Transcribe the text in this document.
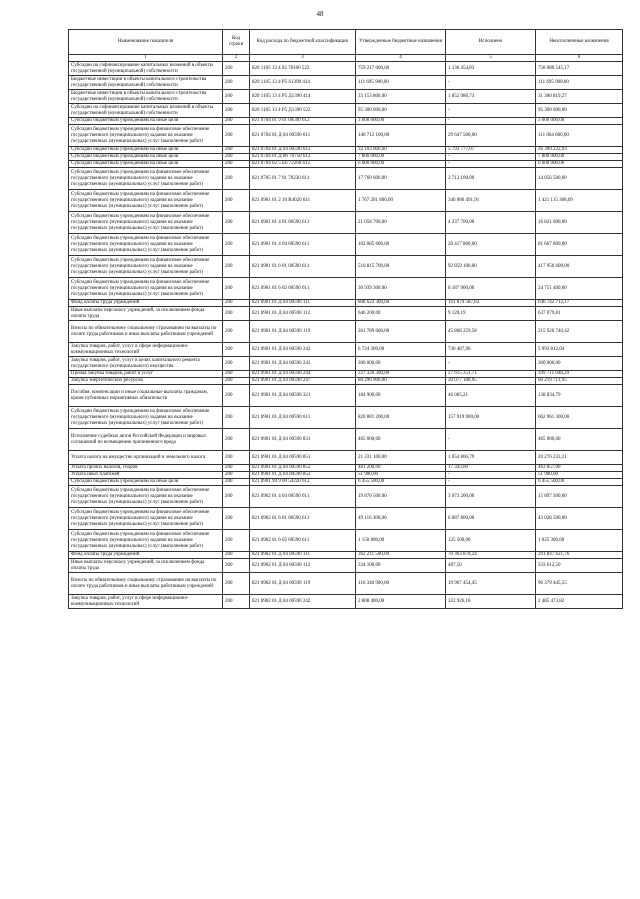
48
Наименование показателя	Код строки	Код расхода по бюджетной классификации	Утвержденные бюджетные назначения	Исполнено	Неисполненные назначения
1	2	3	4	5	6
Субсидии на софинансирование капитальных вложений в объекты государственной (муниципальной) собственности	200	820 1105 13 4 02 78100 522	759 217 000,00	1 136 454,83	758 080 545,17
Бюджетные инвестиции в объекты капитального строительства государственной (муниципальной) собственности	200	820 1105 13 4 P5 S1390 414	111 695 900,00	-	111 695 900,00
Бюджетные инвестиции в объекты капитального строительства государственной (муниципальной) собственности	200	820 1105 13 4 P5 Д1390 414	33 153 800,00	1 852 980,73	31 300 819,27
Субсидии на софинансирование капитальных вложений в объекты государственной (муниципальной) собственности	200	820 1105 13 4 P5 Д1390 522	95 300 000,00	-	95 300 000,00
Субсидии бюджетным учреждениям на иные цели	200	821 0704 01 9 01 00590 612	3 000 000,00	-	3 000 000,00
Субсидии бюджетным учреждениям на финансовое обеспечение государственного (муниципального) задания на оказание государственных (муниципальных) услуг (выполнение работ)	200	821 0704 01 Д 04 00590 611	140 712 100,00	29 647 500,00	111 064 600,00
Субсидии бюджетным учреждениям на иные цели	200	821 0704 01 Д 04 00590 612	32 103 000,00	5 793 777,07	26 309 222,93
Субсидии бюджетным учреждениям на иные цели	200	821 0704 01 Д 06 70750 612	7 800 000,00	-	7 800 000,00
Субсидии бюджетным учреждениям на иные цели	200	821 0704 02 5 E6 72260 612	6 000 000,00	-	6 000 000,00
Субсидии бюджетным учреждениям на финансовое обеспечение государственного (муниципального) задания на оказание государственных (муниципальных) услуг (выполнение работ)	200	821 0705 01 7 01 70230 611	17 769 600,00	3 713 100,00	14 056 500,00
Субсидии бюджетным учреждениям на финансовое обеспечение государственного (муниципального) задания на оказание государственных (муниципальных) услуг (выполнение работ)	200	821 0901 01 2 10 R4020 611	1 767 201 800,00	346 086 491,91	1 421 115 308,09
Субсидии бюджетным учреждениям на финансовое обеспечение государственного (муниципального) задания на оказание государственных (муниципальных) услуг (выполнение работ)	200	821 0901 01 4 01 00590 611	21 058 700,00	4 237 700,00	16 821 000,00
Субсидии бюджетным учреждениям на финансовое обеспечение государственного (муниципального) задания на оказание государственных (муниципальных) услуг (выполнение работ)	200	821 0901 01 4 04 00590 611	102 085 600,00	20 417 800,00	81 667 800,00
Субсидии бюджетным учреждениям на финансовое обеспечение государственного (муниципального) задания на оказание государственных (муниципальных) услуг (выполнение работ)	200	821 0901 01 6 01 00590 611	510 815 700,00	92 859 100,00	417 956 600,00
Субсидии бюджетным учреждениям на финансовое обеспечение государственного (муниципального) задания на оказание государственных (муниципальных) услуг (выполнение работ)	200	821 0901 01 6 02 00590 611	30 939 300,00	6 187 900,00	24 751 400,00
Фонд оплаты труда учреждений	200	821 0901 01 Д 04 00590 111	808 622 300,00	161 879 587,83	646 742 712,17
Иные выплаты персоналу учреждений, за исключением фонда оплаты труда	200	821 0901 01 Д 04 00590 112	646 200,00	9 120,19	637 079,81
Взносы по обязательному социальному страхованию на выплаты по оплате труда работников и иные выплаты работникам учреждений	200	821 0901 01 Д 04 00590 119	261 789 000,00	45 868 259,58	215 920 740,42
Закупка товаров, работ, услуг в сфере информационно-коммуникационных технологий	200	821 0901 01 Д 04 00590 242	6 724 300,00	730 487,96	5 993 812,04
Закупка товаров, работ, услуг в целях капитального ремонта государственного (муниципального) имущества	200	821 0901 01 Д 04 00590 243	300 000,00	-	300 000,00
Прочая закупка товаров, работ и услуг	200	821 0901 01 Д 04 00590 244	227 326 300,00	27 615 251,71	199 711 048,29
Закупка энергетических ресурсов	200	821 0901 01 Д 04 00590 247	80 296 900,00	20 077 188,05	60 219 711,95
Пособия, компенсации и иные социальные выплаты гражданам, кроме публичных нормативных обязательств	200	821 0901 01 Д 04 00590 321	184 900,00	46 065,21	138 834,79
Субсидии бюджетным учреждениям на финансовое обеспечение государственного (муниципального) задания на оказание государственных (муниципальных) услуг (выполнение работ)	200	821 0901 01 Д 04 00590 611	820 881 200,00	157 919 900,00	662 961 300,00
Исполнение судебных актов Российской Федерации и мировых соглашений по возмещению причиненного вреда	200	821 0901 01 Д 04 00590 831	465 000,00	-	465 000,00
Уплата налога на имущество организаций и земельного налога	200	821 0901 01 Д 04 00590 851	21 331 100,00	1 054 866,79	20 276 233,21
Уплата прочих налогов, сборов	200	821 0901 01 Д 04 00590 852	481 200,00	17 343,00	463 857,00
Уплата иных платежей	200	821 0901 01 Д 04 00590 853	51 900,00	-	51 900,00
Субсидии бюджетным учреждениям на иные цели	200	821 0901 99 9 00 54220 612	6 455 500,00	-	6 455 500,00
Субсидии бюджетным учреждениям на финансовое обеспечение государственного (муниципального) задания на оказание государственных (муниципальных) услуг (выполнение работ)	200	821 0902 01 4 04 00590 611	19 870 500,00	3 973 200,00	15 897 300,00
Субсидии бюджетным учреждениям на финансовое обеспечение государственного (муниципального) задания на оказание государственных (муниципальных) услуг (выполнение работ)	200	821 0902 01 6 01 00590 611	49 116 300,00	6 087 800,00	43 028 500,00
Субсидии бюджетным учреждениям на финансовое обеспечение государственного (муниципального) задания на оказание государственных (муниципальных) услуг (выполнение работ)	200	821 0902 01 6 02 00590 611	1 150 800,00	125 500,00	1 025 300,00
Фонд оплаты труда учреждений	200	821 0902 01 Д 04 00590 111	362 211 500,00	70 363 878,24	291 847 621,76
Иные выплаты персоналу учреждений, за исключением фонда оплаты труда	200	821 0902 01 Д 04 00590 112	334 100,00	487,50	333 612,50
Взносы по обязательному социальному страхованию на выплаты по оплате труда работников и иные выплаты работникам учреждений	200	821 0902 01 Д 04 00590 119	116 346 900,00	19 967 454,45	96 379 445,55
Закупка товаров, работ, услуг в сфере информационно-коммуникационных технологий	200	821 0902 01 Д 04 00590 242	2 808 400,00	322 926,18	2 485 473,82
